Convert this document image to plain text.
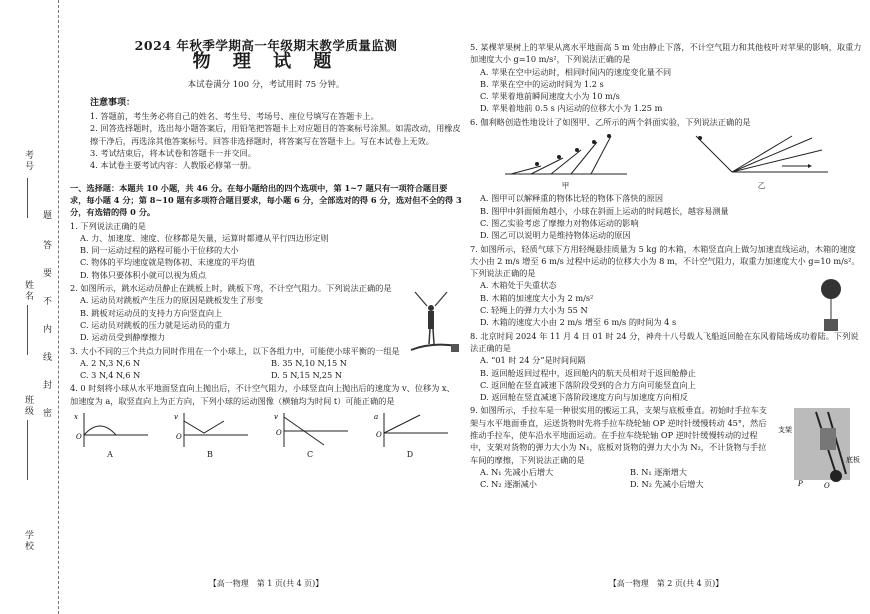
考号
姓名
班级
学校
题
答
要
不
内
线
封
密
2024 年秋季学期高一年级期末教学质量监测
物 理 试 题
本试卷满分 100 分，考试用时 75 分钟。
注意事项：
1. 答题前，考生务必将自己的姓名、考生号、考场号、座位号填写在答题卡上。
2. 回答选择题时，选出每小题答案后，用铅笔把答题卡上对应题目的答案标号涂黑。如需改动，用橡皮擦干净后，再选涂其他答案标号。回答非选择题时，将答案写在答题卡上。写在本试卷上无效。
3. 考试结束后，将本试卷和答题卡一并交回。
4. 本试卷主要考试内容：人教版必修第一册。
一、选择题：本题共 10 小题，共 46 分。在每小题给出的四个选项中，第 1~7 题只有一项符合题目要求，每小题 4 分；第 8~10 题有多项符合题目要求，每小题 6 分，全部选对的得 6 分，选对但不全的得 3 分，有选错的得 0 分。
1. 下列说法正确的是
A. 力、加速度、速度、位移都是矢量，运算时都遵从平行四边形定则
B. 同一运动过程的路程可能小于位移的大小
C. 物体的平均速度就是物体初、末速度的平均值
D. 物体只要体积小就可以视为质点
2. 如图所示，跳水运动员静止在跳板上时，跳板下弯，不计空气阻力。下列说法正确的是
A. 运动员对跳板产生压力的原因是跳板发生了形变
B. 跳板对运动员的支持力方向竖直向上
C. 运动员对跳板的压力就是运动员的重力
D. 运动员受到静摩擦力
3. 大小不同的三个共点力同时作用在一个小球上，以下各组力中，可能使小球平衡的一组是
A. 2 N,3 N,6 N	B. 35 N,10 N,15 N
C. 3 N,4 N,6 N	D. 5 N,15 N,25 N
4. 0 时刻将小球从水平地面竖直向上抛出后，不计空气阻力，小球竖直向上抛出后的速度为 v、位移为 x、加速度为 a，取竖直向上为正方向，下列小球的运动图像（横轴均为时间 t）可能正确的是
x
O
A
v
O
B
v
O
C
a
O
D
【高一物理　第 1 页(共 4 页)】
5. 某棵苹果树上的苹果从离水平地面高 5 m 处由静止下落，不计空气阻力和其他枝叶对苹果的影响，取重力加速度大小 g=10 m/s²，下列说法正确的是
A. 苹果在空中运动时，相同时间内的速度变化量不同
B. 苹果在空中的运动时间为 1.2 s
C. 苹果着地前瞬间速度大小为 10 m/s
D. 苹果着地前 0.5 s 内运动的位移大小为 1.25 m
6. 伽利略创造性地设计了如图甲、乙所示的两个斜面实验，下列说法正确的是
甲	乙
A. 图甲可以解释重的物体比轻的物体下落快的原因
B. 图甲中斜面倾角越小，小球在斜面上运动的时间越长，越容易测量
C. 图乙实验考虑了摩擦力对物体运动的影响
D. 图乙可以说明力是维持物体运动的原因
7. 如图所示，轻质气球下方用轻绳悬挂质量为 5 kg 的木箱，木箱竖直向上做匀加速直线运动，木箱的速度大小由 2 m/s 增至 6 m/s 过程中运动的位移大小为 8 m，不计空气阻力，取重力加速度大小 g=10 m/s²。下列说法正确的是
A. 木箱处于失重状态
B. 木箱的加速度大小为 2 m/s²
C. 轻绳上的弹力大小为 55 N
D. 木箱的速度大小由 2 m/s 增至 6 m/s 的时间为 4 s
8. 北京时间 2024 年 11 月 4 日 01 时 24 分，神舟十八号载人飞船返回舱在东风着陆场成功着陆。下列说法正确的是
A. “01 时 24 分”是时间间隔
B. 返回舱返回过程中，返回舱内的航天员相对于返回舱静止
C. 返回舱在竖直减速下落阶段受到的合力方向可能竖直向上
D. 返回舱在竖直减速下落阶段速度方向与加速度方向相反
9. 如图所示，手拉车是一种很实用的搬运工具，支架与底板垂直。初始时手拉车支架与水平地面垂直，运送货物时先将手拉车绕轮轴 OP 逆时针缓慢转动 45°，然后推动手拉车，使车沿水平地面运动。在手拉车绕轮轴 OP 逆时针缓慢转动的过程中，支架对货物的弹力大小为 N₁，底板对货物的弹力大小为 N₂，不计货物与手拉车间的摩擦，下列说法正确的是
A. N₁ 先减小后增大	B. N₁ 逐渐增大
C. N₂ 逐渐减小	D. N₂ 先减小后增大
支架
底板
O
P
【高一物理　第 2 页(共 4 页)】
